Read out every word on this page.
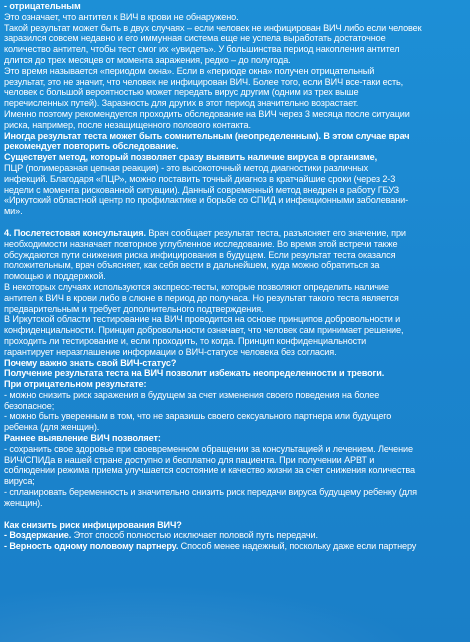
- отрицательным

Это означает, что антител к ВИЧ в крови не обнаружено.

Такой результат может быть в двух случаях – если человек не инфицирован ВИЧ либо если человек

заразился совсем недавно и его иммунная система еще не успела выработать достаточное

количество антител, чтобы тест смог их «увидеть». У большинства период накопления антител

длится до трех месяцев от момента заражения, редко – до полугода.

Это время называется «периодом окна». Если в «периоде окна» получен отрицательный

результат, это не значит, что человек не инфицирован ВИЧ. Более того, если ВИЧ все-таки есть,

человек с большой вероятностью может передать вирус другим (одним из трех выше

перечисленных путей). Заразность для других в этот период значительно возрастает.

Именно поэтому рекомендуется проходить обследование на ВИЧ через 3 месяца после ситуации

риска, например, после незащищенного полового контакта.

Иногда результат теста может быть сомнительным (неопределенным). В этом случае врач

рекомендует повторить обследование.

Существует метод, который позволяет сразу выявить наличие вируса в организме,

ПЦР (полимеразная цепная реакция) - это высокоточный метод диагностики различных

инфекций. Благодаря «ПЦР», можно поставить точный диагноз в кратчайшие сроки (через 2-3

недели с момента рискованной ситуации). Данный современный метод внедрен в работу ГБУЗ

«Иркутский областной центр по профилактике и борьбе со СПИД и инфекционными заболевани-

ми».

4. Послетестовая консультация. Врач сообщает результат теста, разъясняет его значение, при

необходимости назначает повторное углубленное исследование. Во время этой встречи также

обсуждаются пути снижения риска инфицирования в будущем. Если результат теста оказался

положительным, врач объясняет, как себя вести в дальнейшем, куда можно обратиться за

помощью и поддержкой.

В некоторых случаях используются экспресс-тесты, которые позволяют определить наличие

антител к ВИЧ в крови либо в слюне в период до получаса. Но результат такого теста является

предварительным и требует дополнительного подтверждения.

В Иркутской области тестирование на ВИЧ проводится на основе принципов добровольности и

конфиденциальности. Принцип добровольности означает, что человек сам принимает решение,

проходить ли тестирование и, если проходить, то когда. Принцип конфиденциальности

гарантирует неразглашение информации о ВИЧ-статусе человека без согласия.

Почему важно знать свой ВИЧ-статус?

Получение результата теста на ВИЧ позволит избежать неопределенности и тревоги.

При отрицательном результате:

- можно снизить риск заражения в будущем за счет изменения своего поведения на более

безопасное;

- можно быть уверенным в том, что не заразишь своего сексуального партнера или будущего

ребенка (для женщин).

Раннее выявление ВИЧ позволяет:

- сохранить свое здоровье при своевременном обращении за консультацией и лечением. Лечение

ВИЧ/СПИДа в нашей стране доступно и бесплатно для пациента. При получении АРВТ и

соблюдении режима приема улучшается состояние и качество жизни за счет снижения количества

вируса;

- спланировать беременность и значительно снизить риск передачи вируса будущему ребенку (для

женщин).

Как снизить риск инфицирования ВИЧ?

- Воздержание. Этот способ полностью исключает половой путь передачи.

- Верность одному половому партнеру. Способ менее надежный, поскольку даже если партнеру
